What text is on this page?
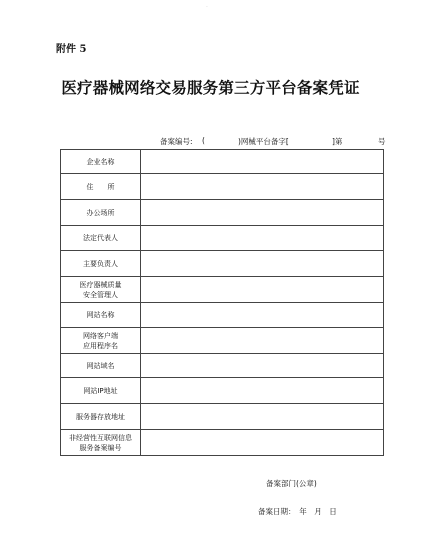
·
附件 5
医疗器械网络交易服务第三方平台备案凭证
备案编号: (	)网械平台备字[	]第	号
企业名称	

住　　所	

办公场所	

法定代表人	

主要负责人	

医疗器械质量
安全管理人	

网站名称	

网络客户端
应用程序名	

网站域名	

网站IP地址	

服务器存放地址	

非经营性互联网信息
服务备案编号	

备案部门(公章)
备案日期：　年　月　日
